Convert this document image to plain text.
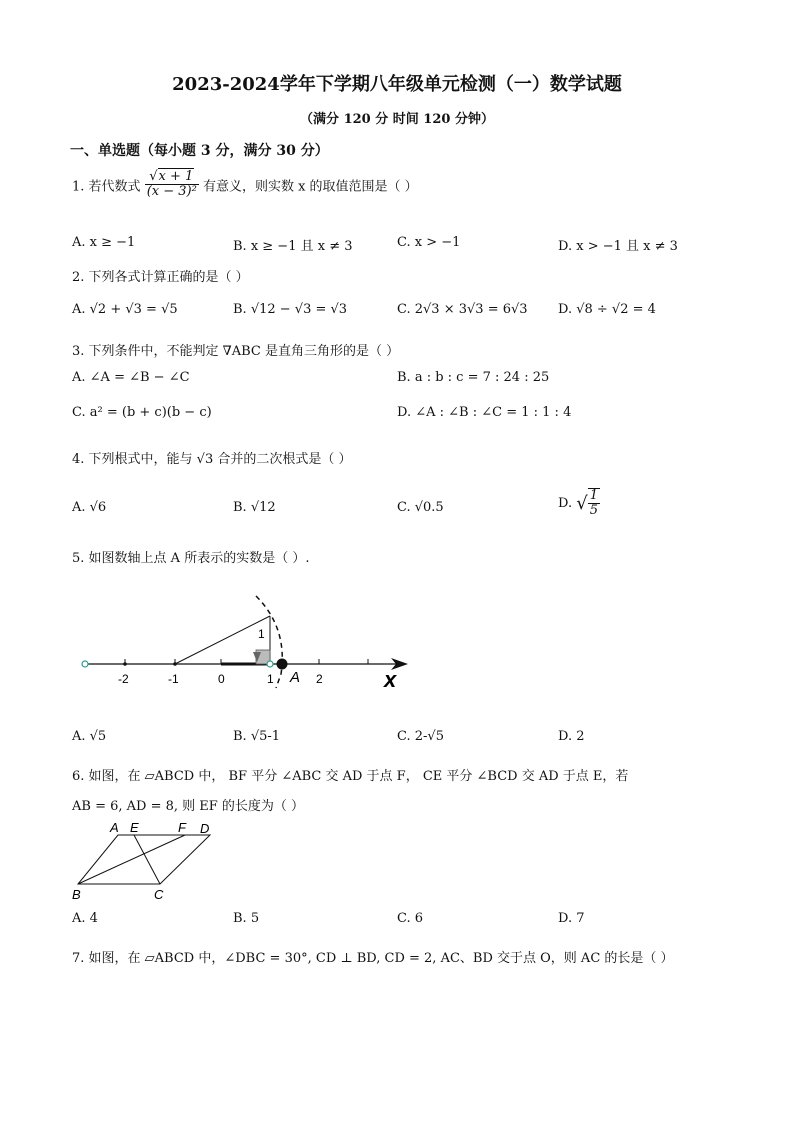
2023-2024学年下学期八年级单元检测（一）数学试题
（满分 120 分 时间 120 分钟）
一、单选题（每小题 3 分，满分 30 分）
1. 若代数式 $\frac{√x + 1}{\text{(x − 3)²}}$ 有意义，则实数 x 的取值范围是（ ）
A. x ≥ −1	B. x ≥ −1 且 x ≠ 3	C. x > −1	D. x > −1 且 x ≠ 3
2. 下列各式计算正确的是（ ）
A. √2 + √3 = √5	B. √12 − √3 = √3	C. 2√3 × 3√3 = 6√3 D. √8 ÷ √2 = 4
3. 下列条件中，不能判定 ∇ABC 是直角三角形的是（ ）
A. ∠A = ∠B − ∠C	B. a : b : c = 7 : 24 : 25
C. a² = (b + c)(b − c)	D. ∠A : ∠B : ∠C = 1 : 1 : 4
4. 下列根式中，能与 √3 合并的二次根式是（ ）
A. √6	B. √12	C. √0.5	D. √ $\frac{1}{5}$
5. 如图数轴上点 A 所表示的实数是（ ）.
-2	-1	0	1	2
1
A	x
A. √5	B. √5-1	C. 2-√5	D. 2
6. 如图，在 ▱ABCD 中， BF 平分 ∠ABC 交 AD 于点 F， CE 平分 ∠BCD 交 AD 于点 E，若
AB = 6, AD = 8, 则 EF 的长度为（ ）
A E	F D
B	C
A. 4	B. 5	C. 6	D. 7
7. 如图，在 ▱ABCD 中，∠DBC = 30°, CD ⊥ BD, CD = 2, AC、BD 交于点 O，则 AC 的长是（ ）
